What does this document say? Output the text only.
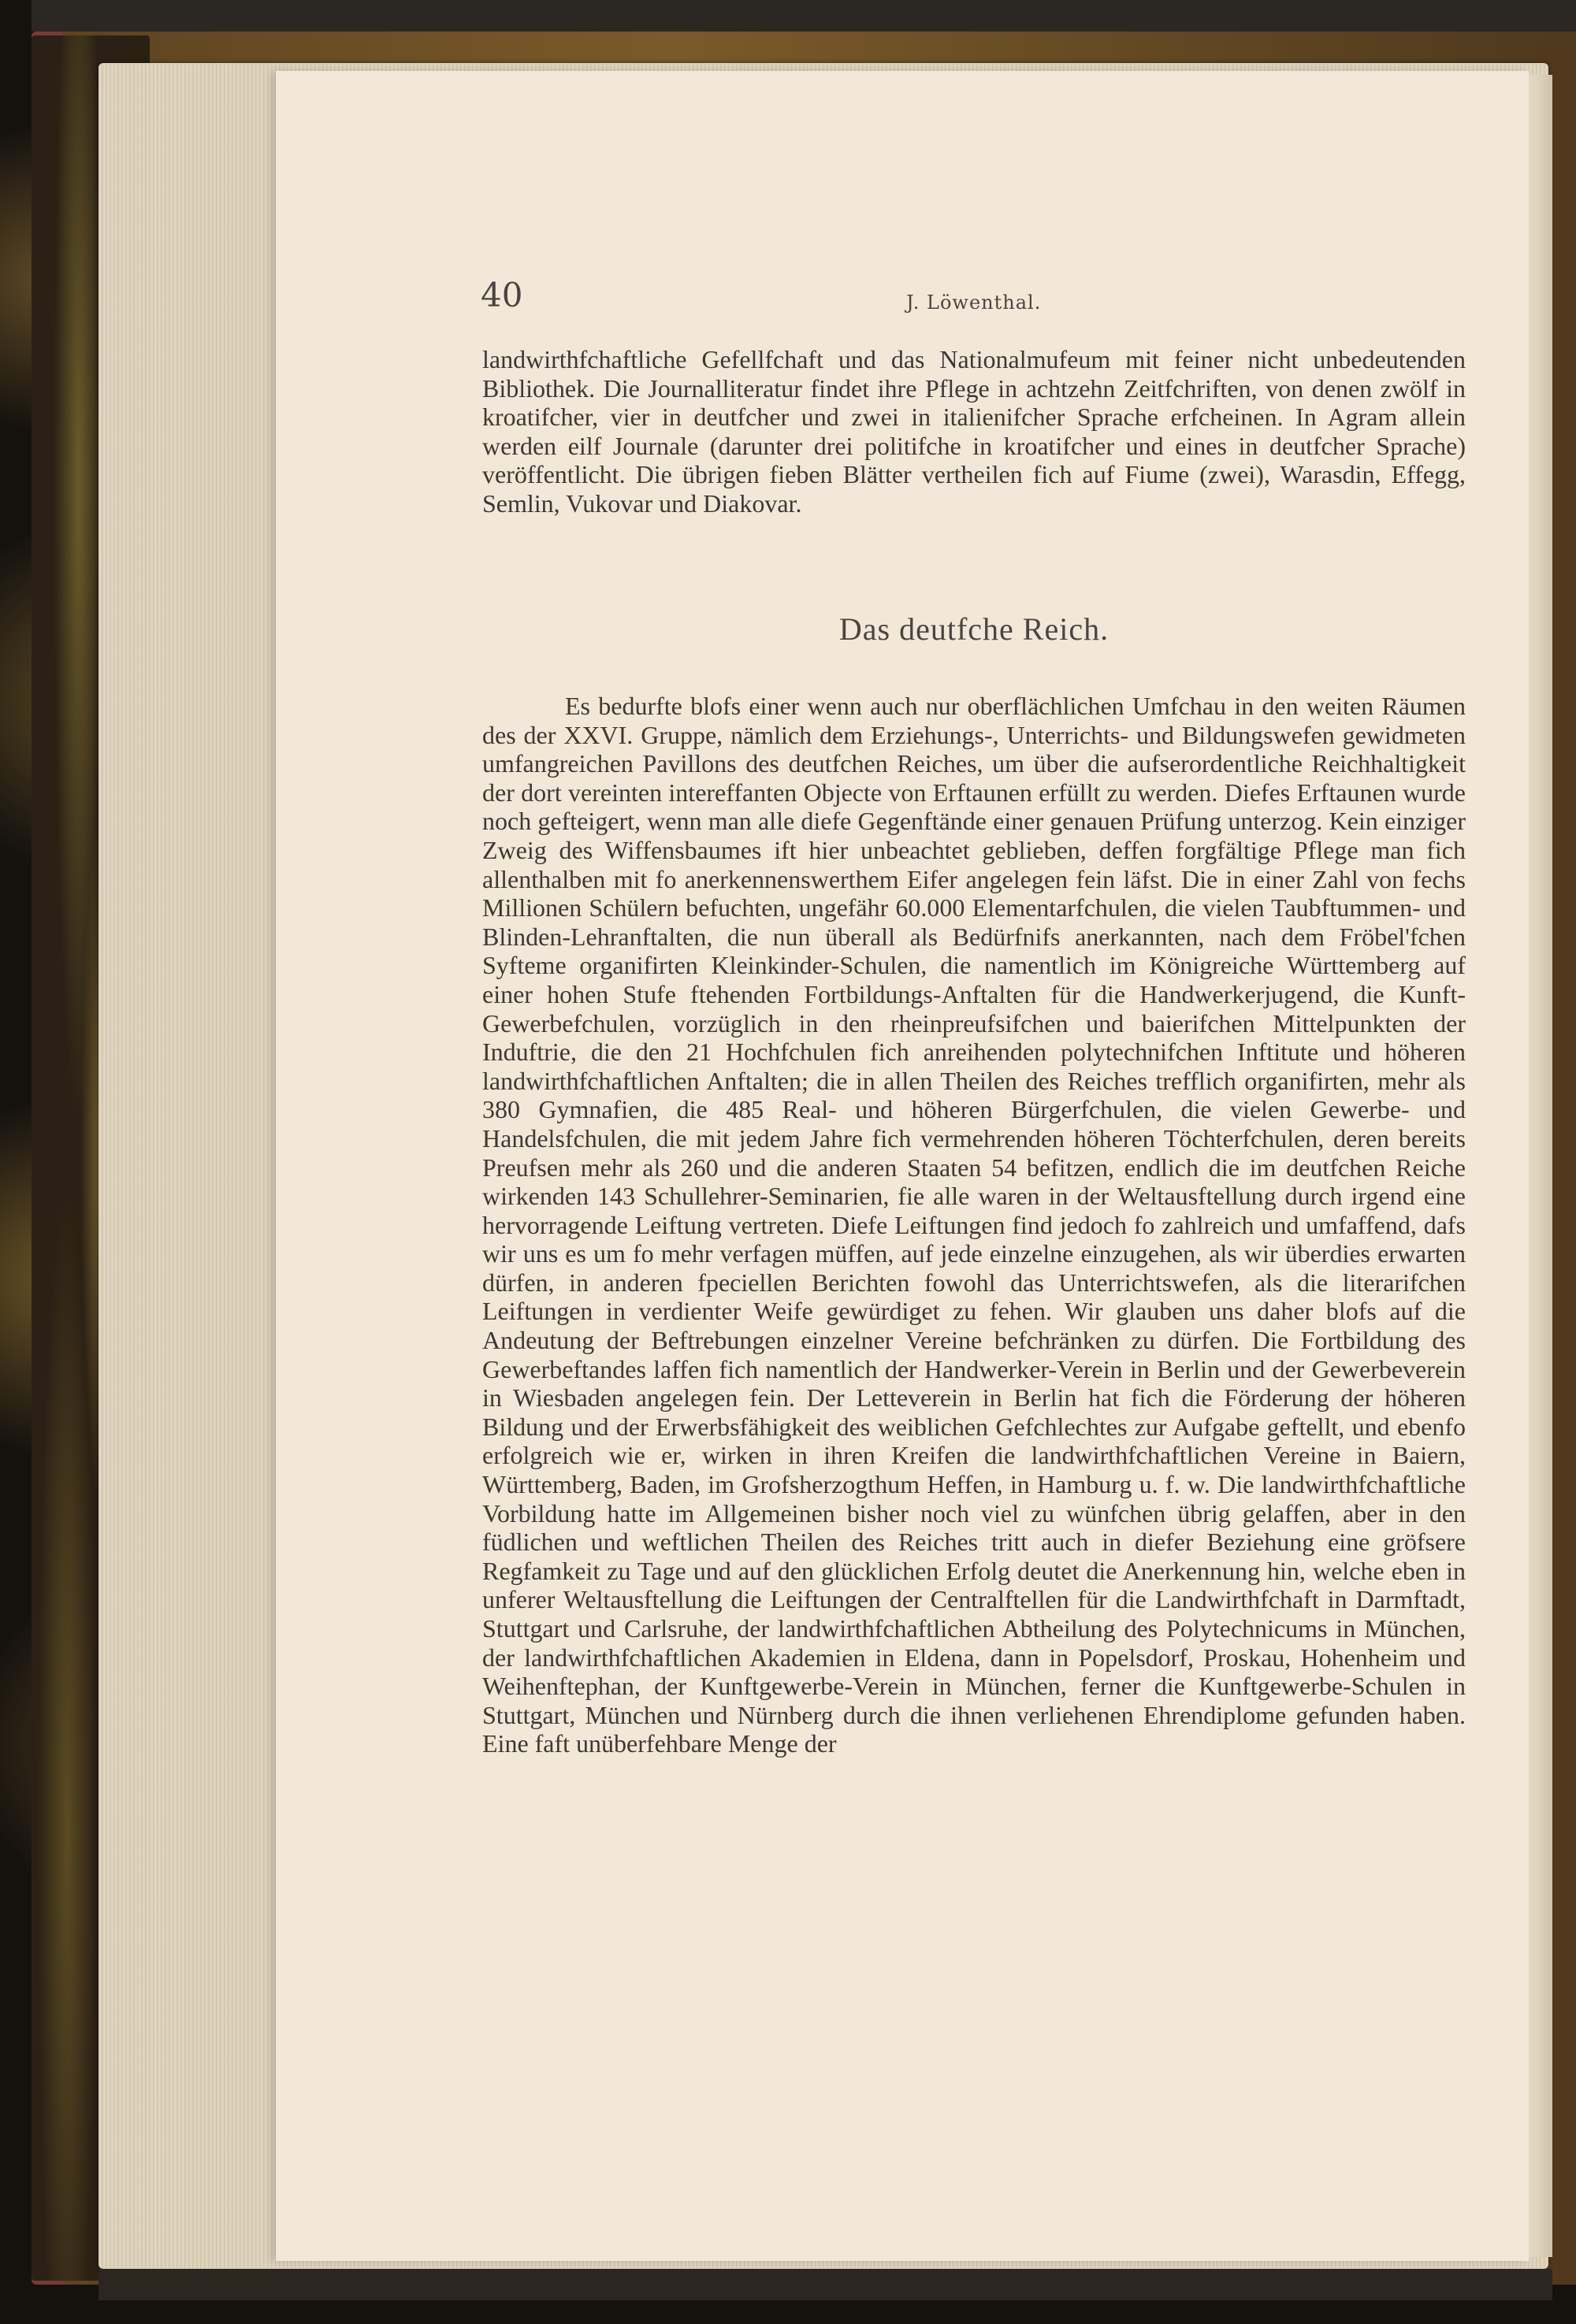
40	J. Löwenthal.

landwirthfchaftliche Gefellfchaft und das Nationalmufeum mit feiner nicht unbedeutenden Bibliothek. Die Journalliteratur findet ihre Pflege in achtzehn Zeitfchriften, von denen zwölf in kroatifcher, vier in deutfcher und zwei in italienifcher Sprache erfcheinen. In Agram allein werden eilf Journale (darunter drei politifche in kroatifcher und eines in deutfcher Sprache) veröffentlicht. Die übrigen fieben Blätter vertheilen fich auf Fiume (zwei), Warasdin, Effegg, Semlin, Vukovar und Diakovar.

Das deutfche Reich.

Es bedurfte blofs einer wenn auch nur oberflächlichen Umfchau in den weiten Räumen des der XXVI. Gruppe, nämlich dem Erziehungs-, Unterrichts- und Bildungswefen gewidmeten umfangreichen Pavillons des deutfchen Reiches, um über die aufserordentliche Reichhaltigkeit der dort vereinten intereffanten Objecte von Erftaunen erfüllt zu werden. Diefes Erftaunen wurde noch gefteigert, wenn man alle diefe Gegenftände einer genauen Prüfung unterzog. Kein einziger Zweig des Wiffensbaumes ift hier unbeachtet geblieben, deffen forgfältige Pflege man fich allenthalben mit fo anerkennenswerthem Eifer angelegen fein läfst. Die in einer Zahl von fechs Millionen Schülern befuchten, ungefähr 60.000 Elementarfchulen, die vielen Taubftummen- und Blinden-Lehranftalten, die nun überall als Bedürfnifs anerkannten, nach dem Fröbel'fchen Syfteme organifirten Kleinkinder-Schulen, die namentlich im Königreiche Württemberg auf einer hohen Stufe ftehenden Fortbildungs-Anftalten für die Handwerkerjugend, die Kunft-Gewerbefchulen, vorzüglich in den rheinpreufsifchen und baierifchen Mittelpunkten der Induftrie, die den 21 Hochfchulen fich anreihenden polytechnifchen Inftitute und höheren landwirthfchaftlichen Anftalten; die in allen Theilen des Reiches trefflich organifirten, mehr als 380 Gymnafien, die 485 Real- und höheren Bürgerfchulen, die vielen Gewerbe- und Handelsfchulen, die mit jedem Jahre fich vermehrenden höheren Töchterfchulen, deren bereits Preufsen mehr als 260 und die anderen Staaten 54 befitzen, endlich die im deutfchen Reiche wirkenden 143 Schullehrer-Seminarien, fie alle waren in der Weltausftellung durch irgend eine hervorragende Leiftung vertreten. Diefe Leiftungen find jedoch fo zahlreich und umfaffend, dafs wir uns es um fo mehr verfagen müffen, auf jede einzelne einzugehen, als wir überdies erwarten dürfen, in anderen fpeciellen Berichten fowohl das Unterrichtswefen, als die literarifchen Leiftungen in verdienter Weife gewürdiget zu fehen. Wir glauben uns daher blofs auf die Andeutung der Beftrebungen einzelner Vereine befchränken zu dürfen. Die Fortbildung des Gewerbeftandes laffen fich namentlich der Handwerker-Verein in Berlin und der Gewerbeverein in Wiesbaden angelegen fein. Der Letteverein in Berlin hat fich die Förderung der höheren Bildung und der Erwerbsfähigkeit des weiblichen Gefchlechtes zur Aufgabe geftellt, und ebenfo erfolgreich wie er, wirken in ihren Kreifen die landwirthfchaftlichen Vereine in Baiern, Württemberg, Baden, im Grofsherzogthum Heffen, in Hamburg u. f. w. Die landwirthfchaftliche Vorbildung hatte im Allgemeinen bisher noch viel zu wünfchen übrig gelaffen, aber in den füdlichen und weftlichen Theilen des Reiches tritt auch in diefer Beziehung eine gröfsere Regfamkeit zu Tage und auf den glücklichen Erfolg deutet die Anerkennung hin, welche eben in unferer Weltausftellung die Leiftungen der Centralftellen für die Landwirthfchaft in Darmftadt, Stuttgart und Carlsruhe, der landwirthfchaftlichen Abtheilung des Polytechnicums in München, der landwirthfchaftlichen Akademien in Eldena, dann in Popelsdorf, Proskau, Hohenheim und Weihenftephan, der Kunftgewerbe-Verein in München, ferner die Kunftgewerbe-Schulen in Stuttgart, München und Nürnberg durch die ihnen verliehenen Ehrendiplome gefunden haben. Eine faft unüberfehbare Menge der
